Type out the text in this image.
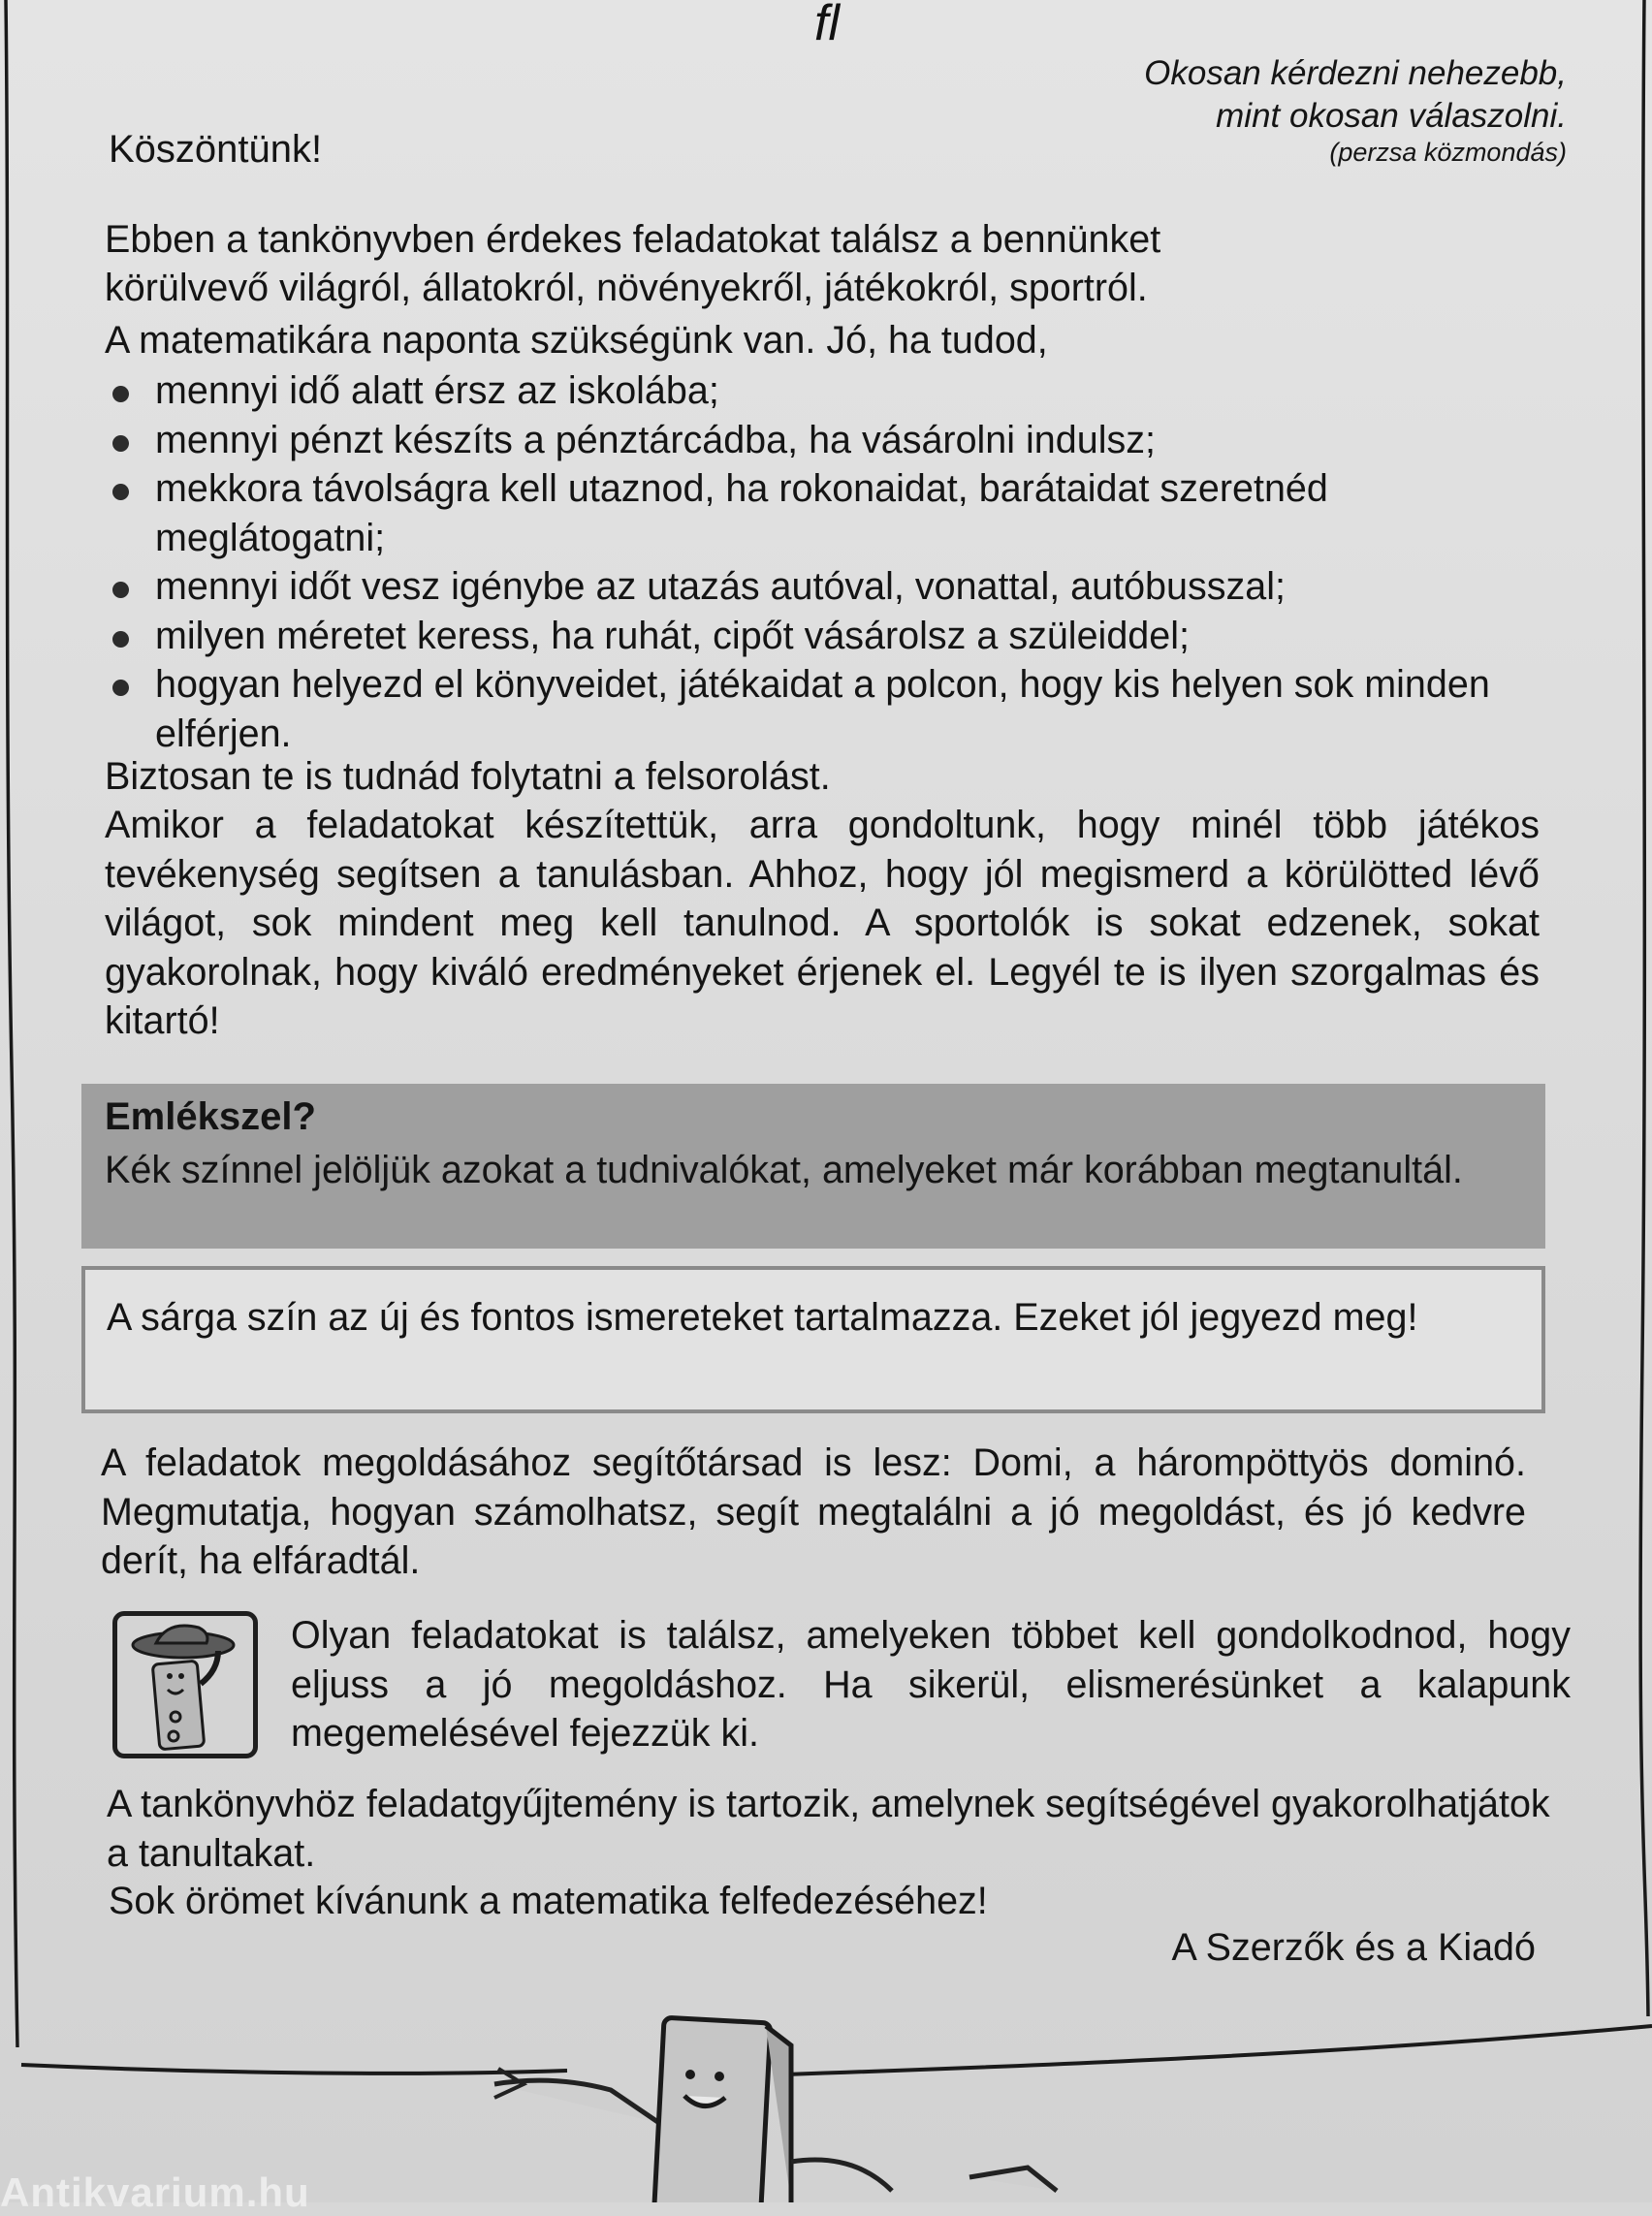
ﬂ
Okosan kérdezni nehezebb,
mint okosan válaszolni.
(perzsa közmondás)
Köszöntünk!

Ebben a tankönyvben érdekes feladatokat találsz a bennünket

körülvevő világról, állatokról, növényekről, játékokról, sportról.

A matematikára naponta szükségünk van. Jó, ha tudod,

mennyi idő alatt érsz az iskolába;
mennyi pénzt készíts a pénztárcádba, ha vásárolni indulsz;
mekkora távolságra kell utaznod, ha rokonaidat, barátaidat szeretnéd meglátogatni;
mennyi időt vesz igénybe az utazás autóval, vonattal, autóbusszal;
milyen méretet keress, ha ruhát, cipőt vásárolsz a szüleiddel;
hogyan helyezd el könyveidet, játékaidat a polcon, hogy kis helyen sok minden elférjen.

Biztosan te is tudnád folytatni a felsorolást.

Amikor a feladatokat készítettük, arra gondoltunk, hogy minél több játékos tevékenység segítsen a tanulásban. Ahhoz, hogy jól megismerd a körülötted lévő világot, sok mindent meg kell tanulnod. A sportolók is sokat edzenek, sokat gyakorolnak, hogy kiváló eredményeket érjenek el. Legyél te is ilyen szorgalmas és kitartó!

Emlékszel?
Kék színnel jelöljük azokat a tudnivalókat, amelyeket már korábban megtanultál.
A sárga szín az új és fontos ismereteket tartalmazza. Ezeket jól jegyezd meg!

A feladatok megoldásához segítőtársad is lesz: Domi, a hárompöttyös dominó. Megmutatja, hogyan számolhatsz, segít megtalálni a jó megoldást, és jó kedvre derít, ha elfáradtál.

Olyan feladatokat is találsz, amelyeken többet kell gondolkodnod, hogy eljuss a jó megoldáshoz. Ha sikerül, elismerésünket a kalapunk megemelésével fejezzük ki.

A tankönyvhöz feladatgyűjtemény is tartozik, amelynek segítségével gyakorolhatjátok a tanultakat.

Sok örömet kívánunk a matematika felfedezéséhez!

A Szerzők és a Kiadó
Antikvarium.hu
